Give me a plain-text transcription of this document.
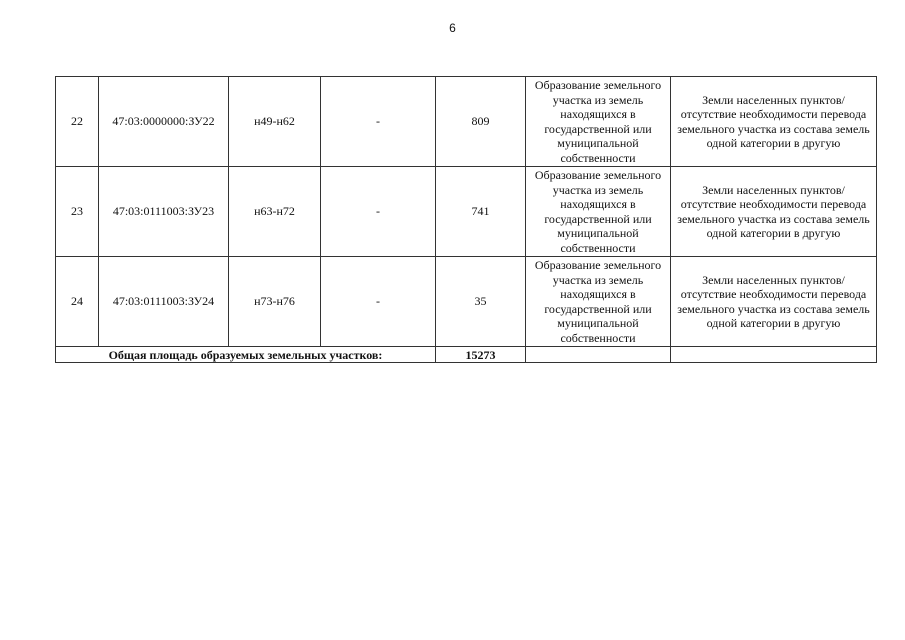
6
22	47:03:0000000:ЗУ22	н49-н62	-	809	Образование земельного участка из земель находящихся в государственной или муниципальной собственности	Земли населенных пунктов/ отсутствие необходимости перевода земельного участка из состава земель одной категории в другую
23	47:03:0111003:ЗУ23	н63-н72	-	741	Образование земельного участка из земель находящихся в государственной или муниципальной собственности	Земли населенных пунктов/ отсутствие необходимости перевода земельного участка из состава земель одной категории в другую
24	47:03:0111003:ЗУ24	н73-н76	-	35	Образование земельного участка из земель находящихся в государственной или муниципальной собственности	Земли населенных пунктов/ отсутствие необходимости перевода земельного участка из состава земель одной категории в другую
Общая площадь образуемых земельных участков:				15273		
